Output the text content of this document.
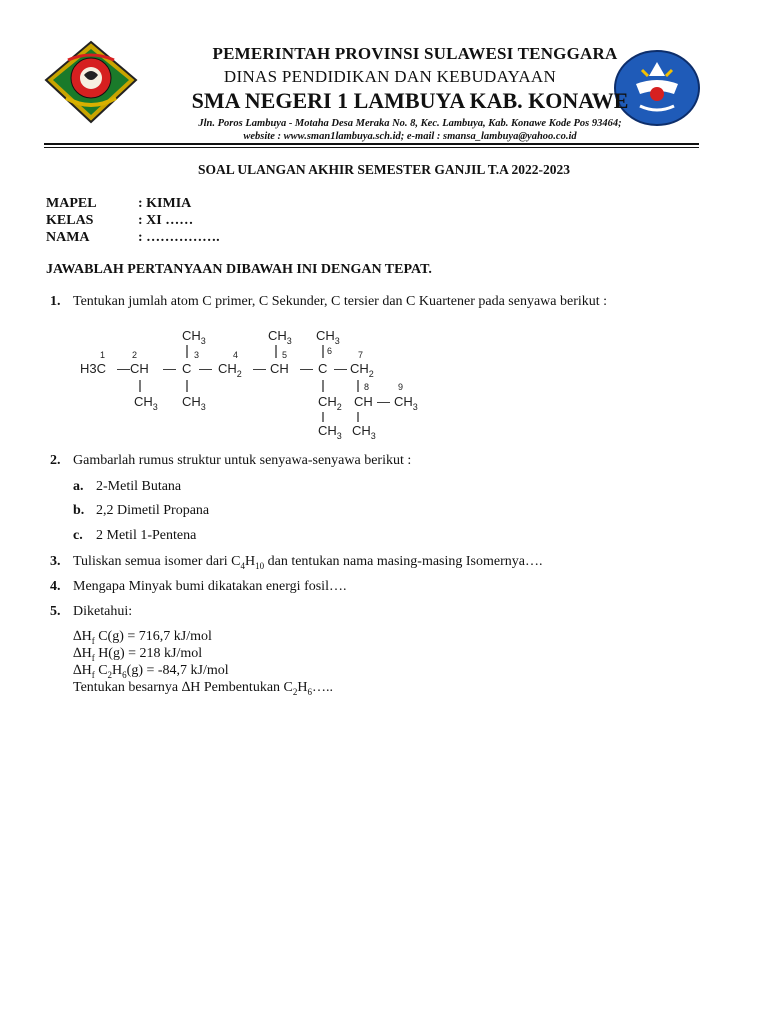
PEMERINTAH PROVINSI SULAWESI TENGGARA
DINAS PENDIDIKAN DAN KEBUDAYAAN
SMA NEGERI 1 LAMBUYA KAB. KONAWE
Jln. Poros Lambuya - Motaha Desa Meraka No. 8, Kec. Lambuya, Kab. Konawe Kode Pos 93464;
website : www.sman1lambuya.sch.id; e-mail : smansa_lambuya@yahoo.co.id
SOAL ULANGAN AKHIR SEMESTER GANJIL T.A 2022-2023
MAPEL	: KIMIA
KELAS	: XI ……
NAMA	: …………….
JAWABLAH PERTANYAAN DIBAWAH INI DENGAN TEPAT.
1. Tentukan jumlah atom C primer, C Sekunder, C tersier dan C Kuartener pada senyawa berikut :
$CH_3$	$CH_3$ $CH_3$
H3C — CH — C — $CH_2$ — CH — C — $CH_2$
$CH_3$ $CH_3$	$CH_2$ CH — $CH_3$
$CH_3$ $CH_3$
1	2	3	4	5	6	7
8	9
2. Gambarlah rumus struktur untuk senyawa-senyawa berikut :
a. 2-Metil Butana
b. 2,2 Dimetil Propana
c. 2 Metil 1-Pentena
3. Tuliskan semua isomer dari $C_4H_{10}$ dan tentukan nama masing-masing Isomernya….
4. Mengapa Minyak bumi dikatakan energi fosil….
5. Diketahui:
$\Delta H_f$ C(g) = 716,7 kJ/mol
$\Delta H_f$ H(g) = 218 kJ/mol
$\Delta H_f$ $C_2H_6(g) = -84,7$ kJ/mol
Tentukan besarnya ∆H Pembentukan $C_2H_6\dots$..
